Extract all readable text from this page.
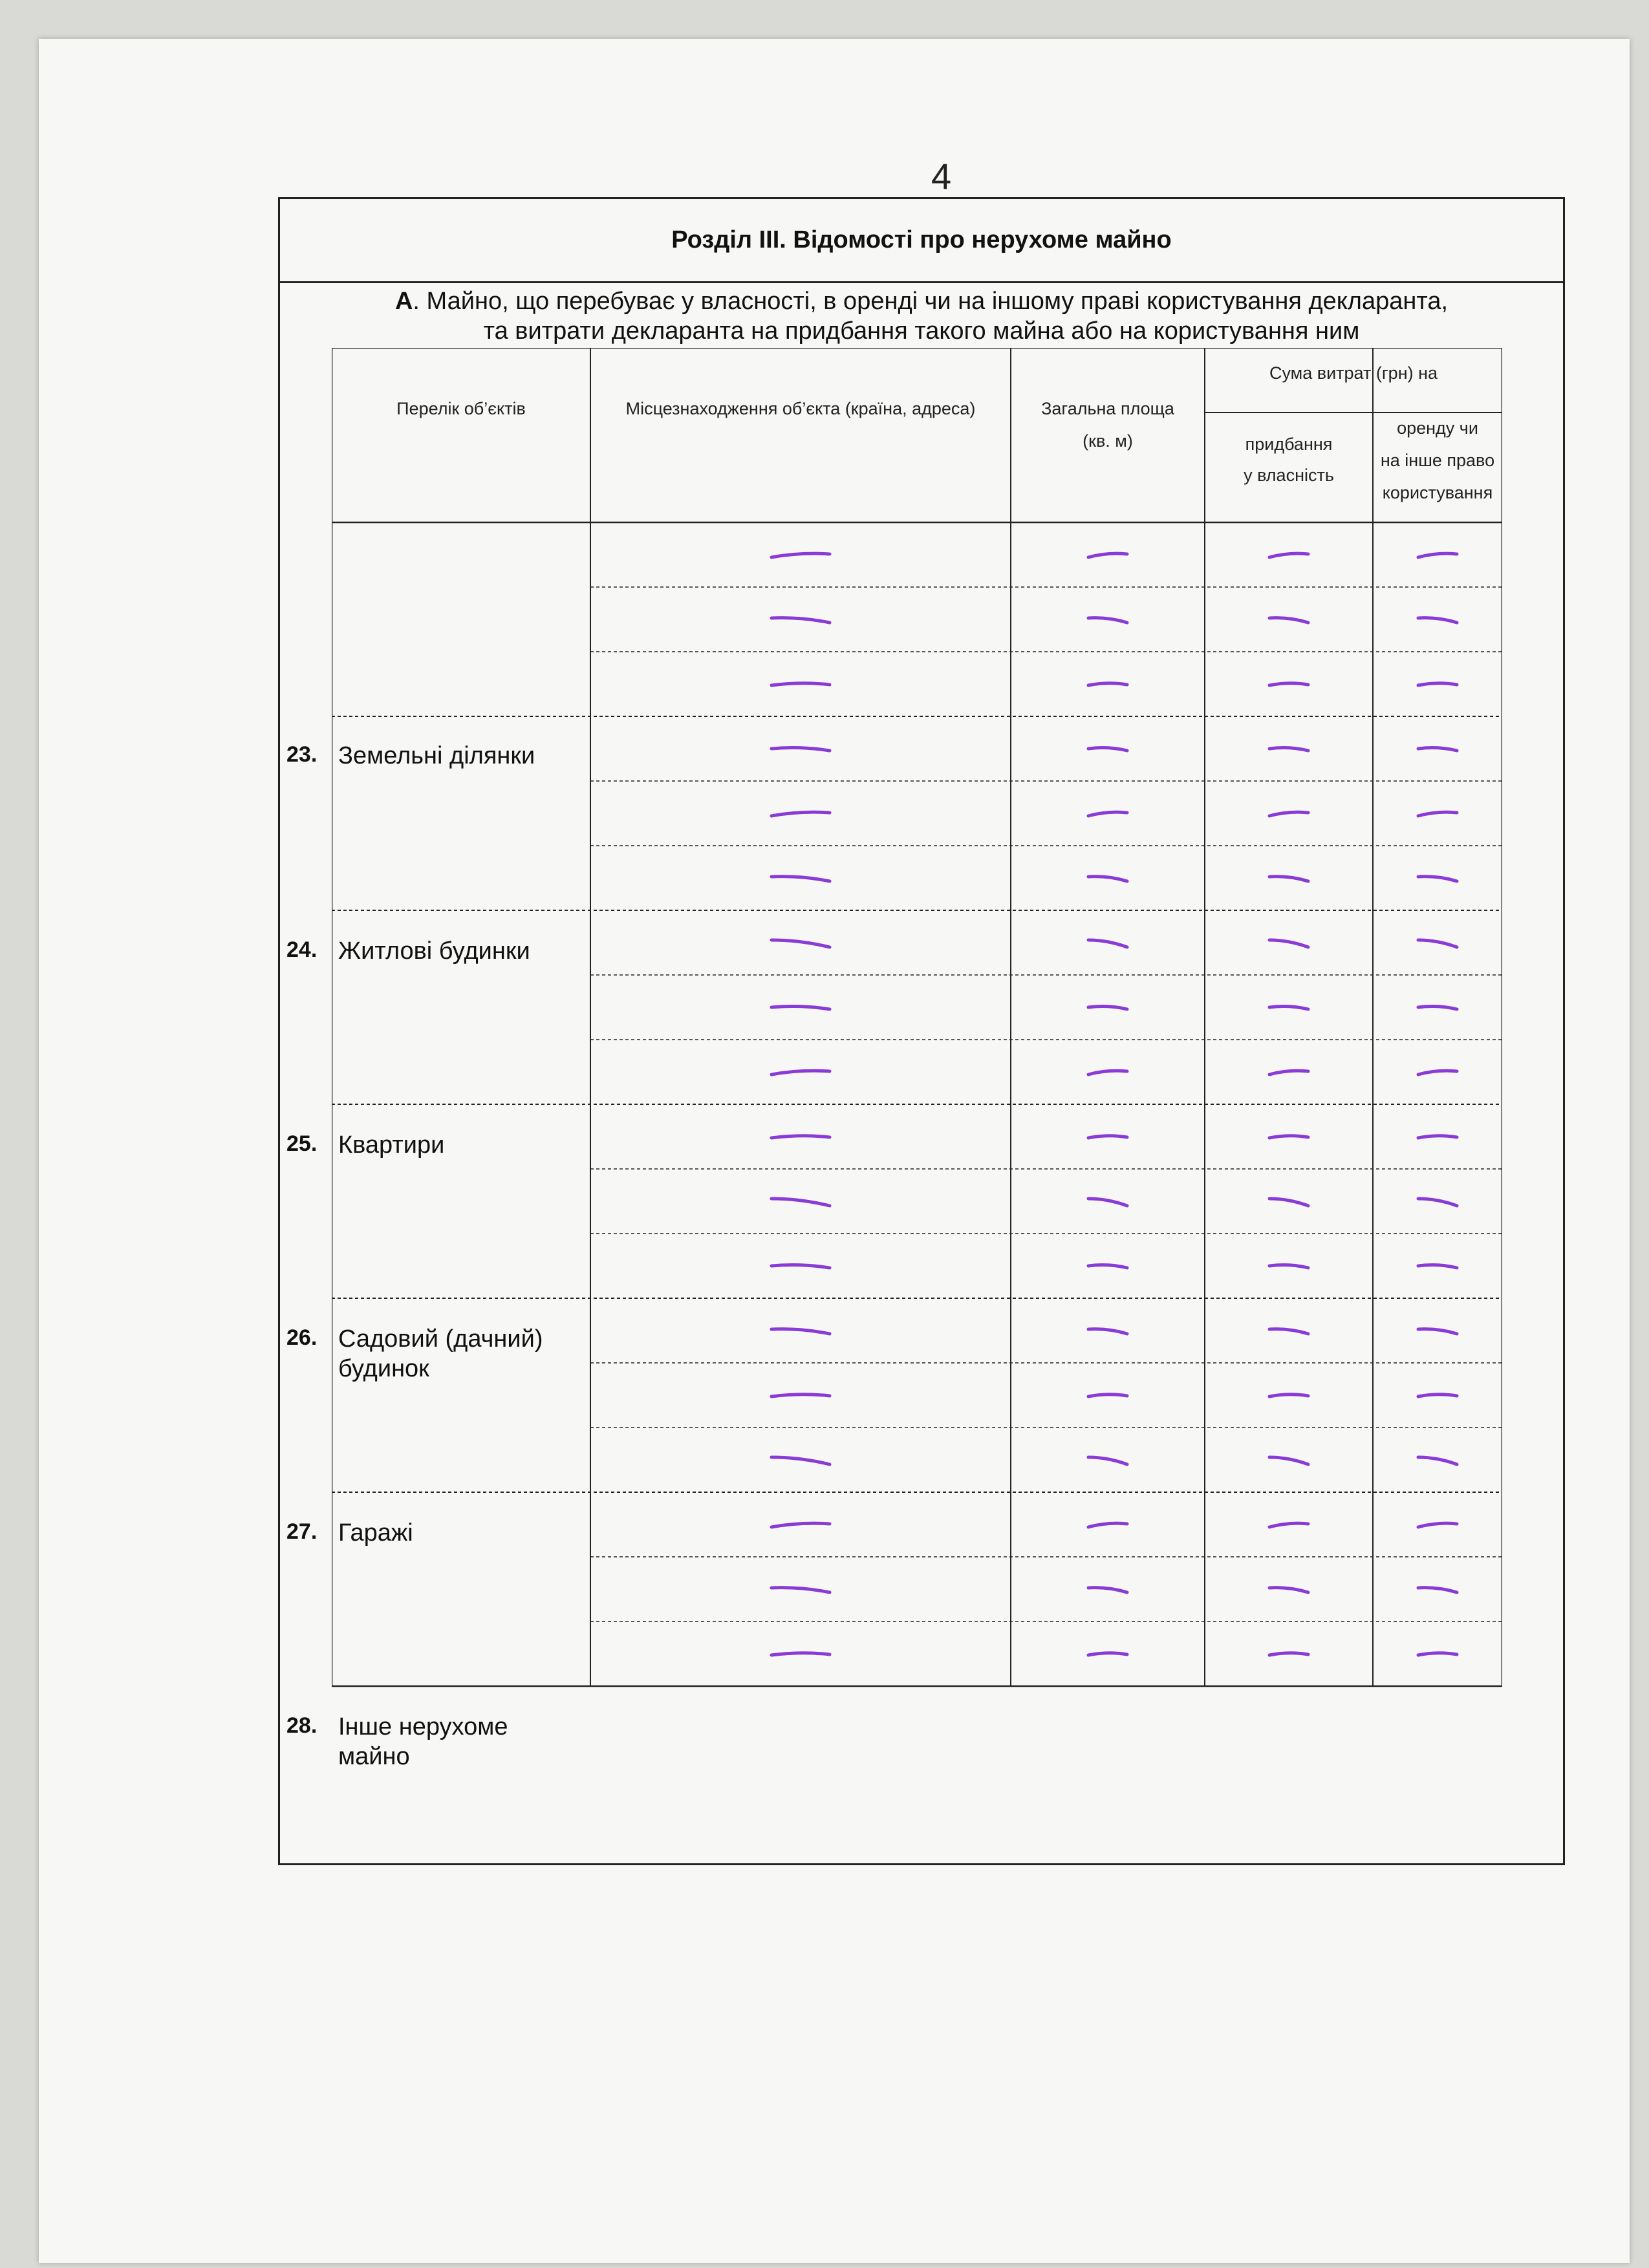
4
Розділ III. Відомості про нерухоме майно
А. Майно, що перебуває у власності, в оренді чи на іншому праві користування декларанта,
та витрати декларанта на придбання такого майна або на користування ним
Перелік об’єктів	Місцезнаходження об’єкта (країна, адреса)	Загальна площа
(кв. м)
Сума витрат (грн) на
придбання
у власність
оренду чи
на інше право
користування
23. Земельні ділянки
24. Житлові будинки
25. Квартири
26. Садовий (дачний)
будинок
27. Гаражі
28. Інше нерухоме
майно
